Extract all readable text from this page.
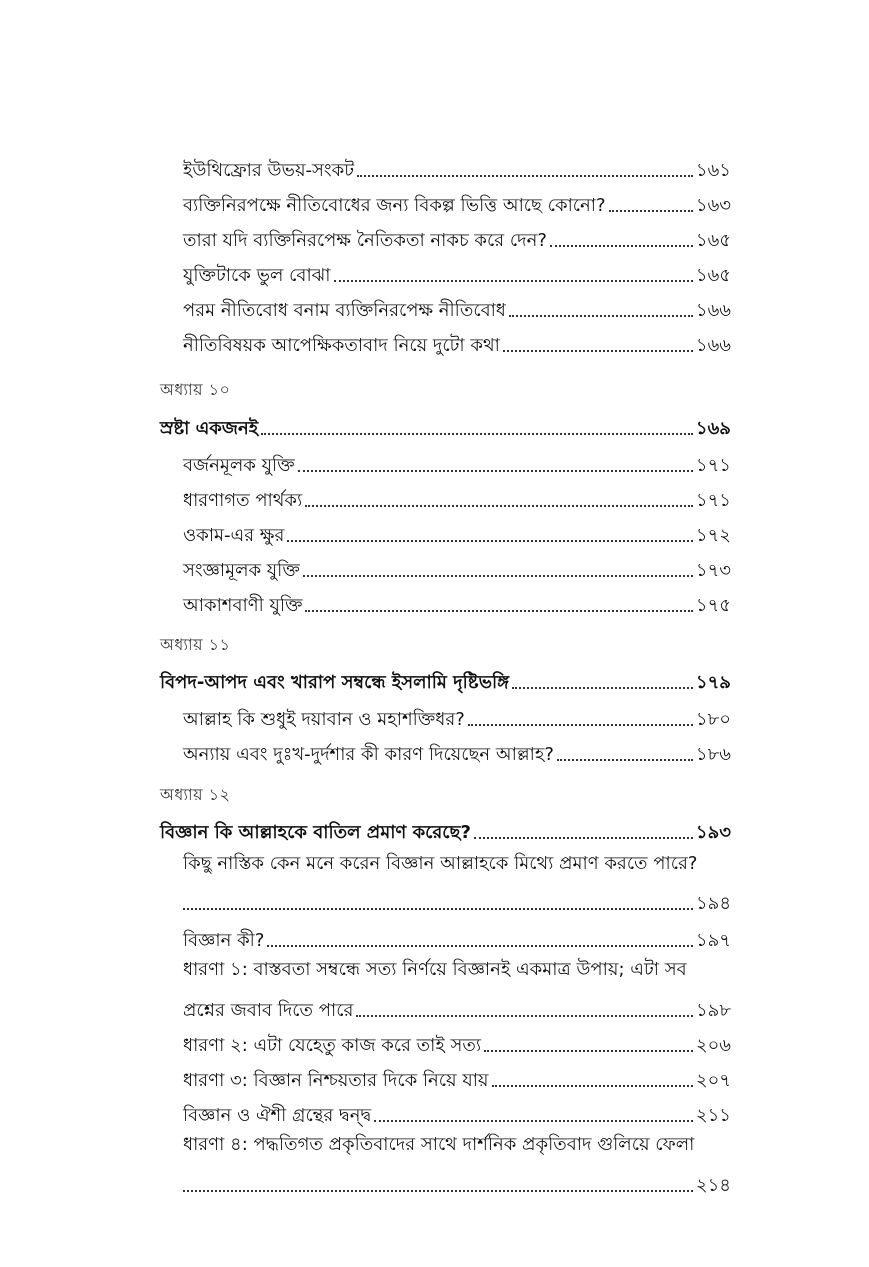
ইউথিফ্রোর উভয়-সংকট	১৬১
ব্যক্তিনিরপক্ষে নীতিবোধের জন্য বিকল্প ভিত্তি আছে কোনো?	১৬৩
তারা যদি ব্যক্তিনিরপেক্ষ নৈতিকতা নাকচ করে দেন?	১৬৫
যুক্তিটাকে ভুল বোঝা	১৬৫
পরম নীতিবোধ বনাম ব্যক্তিনিরপেক্ষ নীতিবোধ	১৬৬
নীতিবিষয়ক আপেক্ষিকতাবাদ নিয়ে দুটো কথা	১৬৬
অধ্যায় ১০
স্রষ্টা একজনই	১৬৯
বর্জনমূলক যুক্তি	১৭১
ধারণাগত পার্থক্য	১৭১
ওকাম-এর ক্ষুর	১৭২
সংজ্ঞামূলক যুক্তি	১৭৩
আকাশবাণী যুক্তি	১৭৫
অধ্যায় ১১
বিপদ-আপদ এবং খারাপ সম্বন্ধে ইসলামি দৃষ্টিভঙ্গি	১৭৯
আল্লাহ কি শুধুই দয়াবান ও মহাশক্তিধর?	১৮০
অন্যায় এবং দুঃখ-দুর্দশার কী কারণ দিয়েছেন আল্লাহ?	১৮৬
অধ্যায় ১২
বিজ্ঞান কি আল্লাহকে বাতিল প্রমাণ করেছে?	১৯৩
কিছু নাস্তিক কেন মনে করেন বিজ্ঞান আল্লাহকে মিথ্যে প্রমাণ করতে পারে?
১৯৪
বিজ্ঞান কী?	১৯৭
ধারণা ১: বাস্তবতা সম্বন্ধে সত্য নির্ণয়ে বিজ্ঞানই একমাত্র উপায়; এটা সব
প্রশ্নের জবাব দিতে পারে	১৯৮
ধারণা ২: এটা যেহেতু কাজ করে তাই সত্য	২০৬
ধারণা ৩: বিজ্ঞান নিশ্চয়তার দিকে নিয়ে যায়	২০৭
বিজ্ঞান ও ঐশী গ্রন্থের দ্বন্দ্ব	২১১
ধারণা ৪: পদ্ধতিগত প্রকৃতিবাদের সাথে দার্শনিক প্রকৃতিবাদ গুলিয়ে ফেলা
২১৪
